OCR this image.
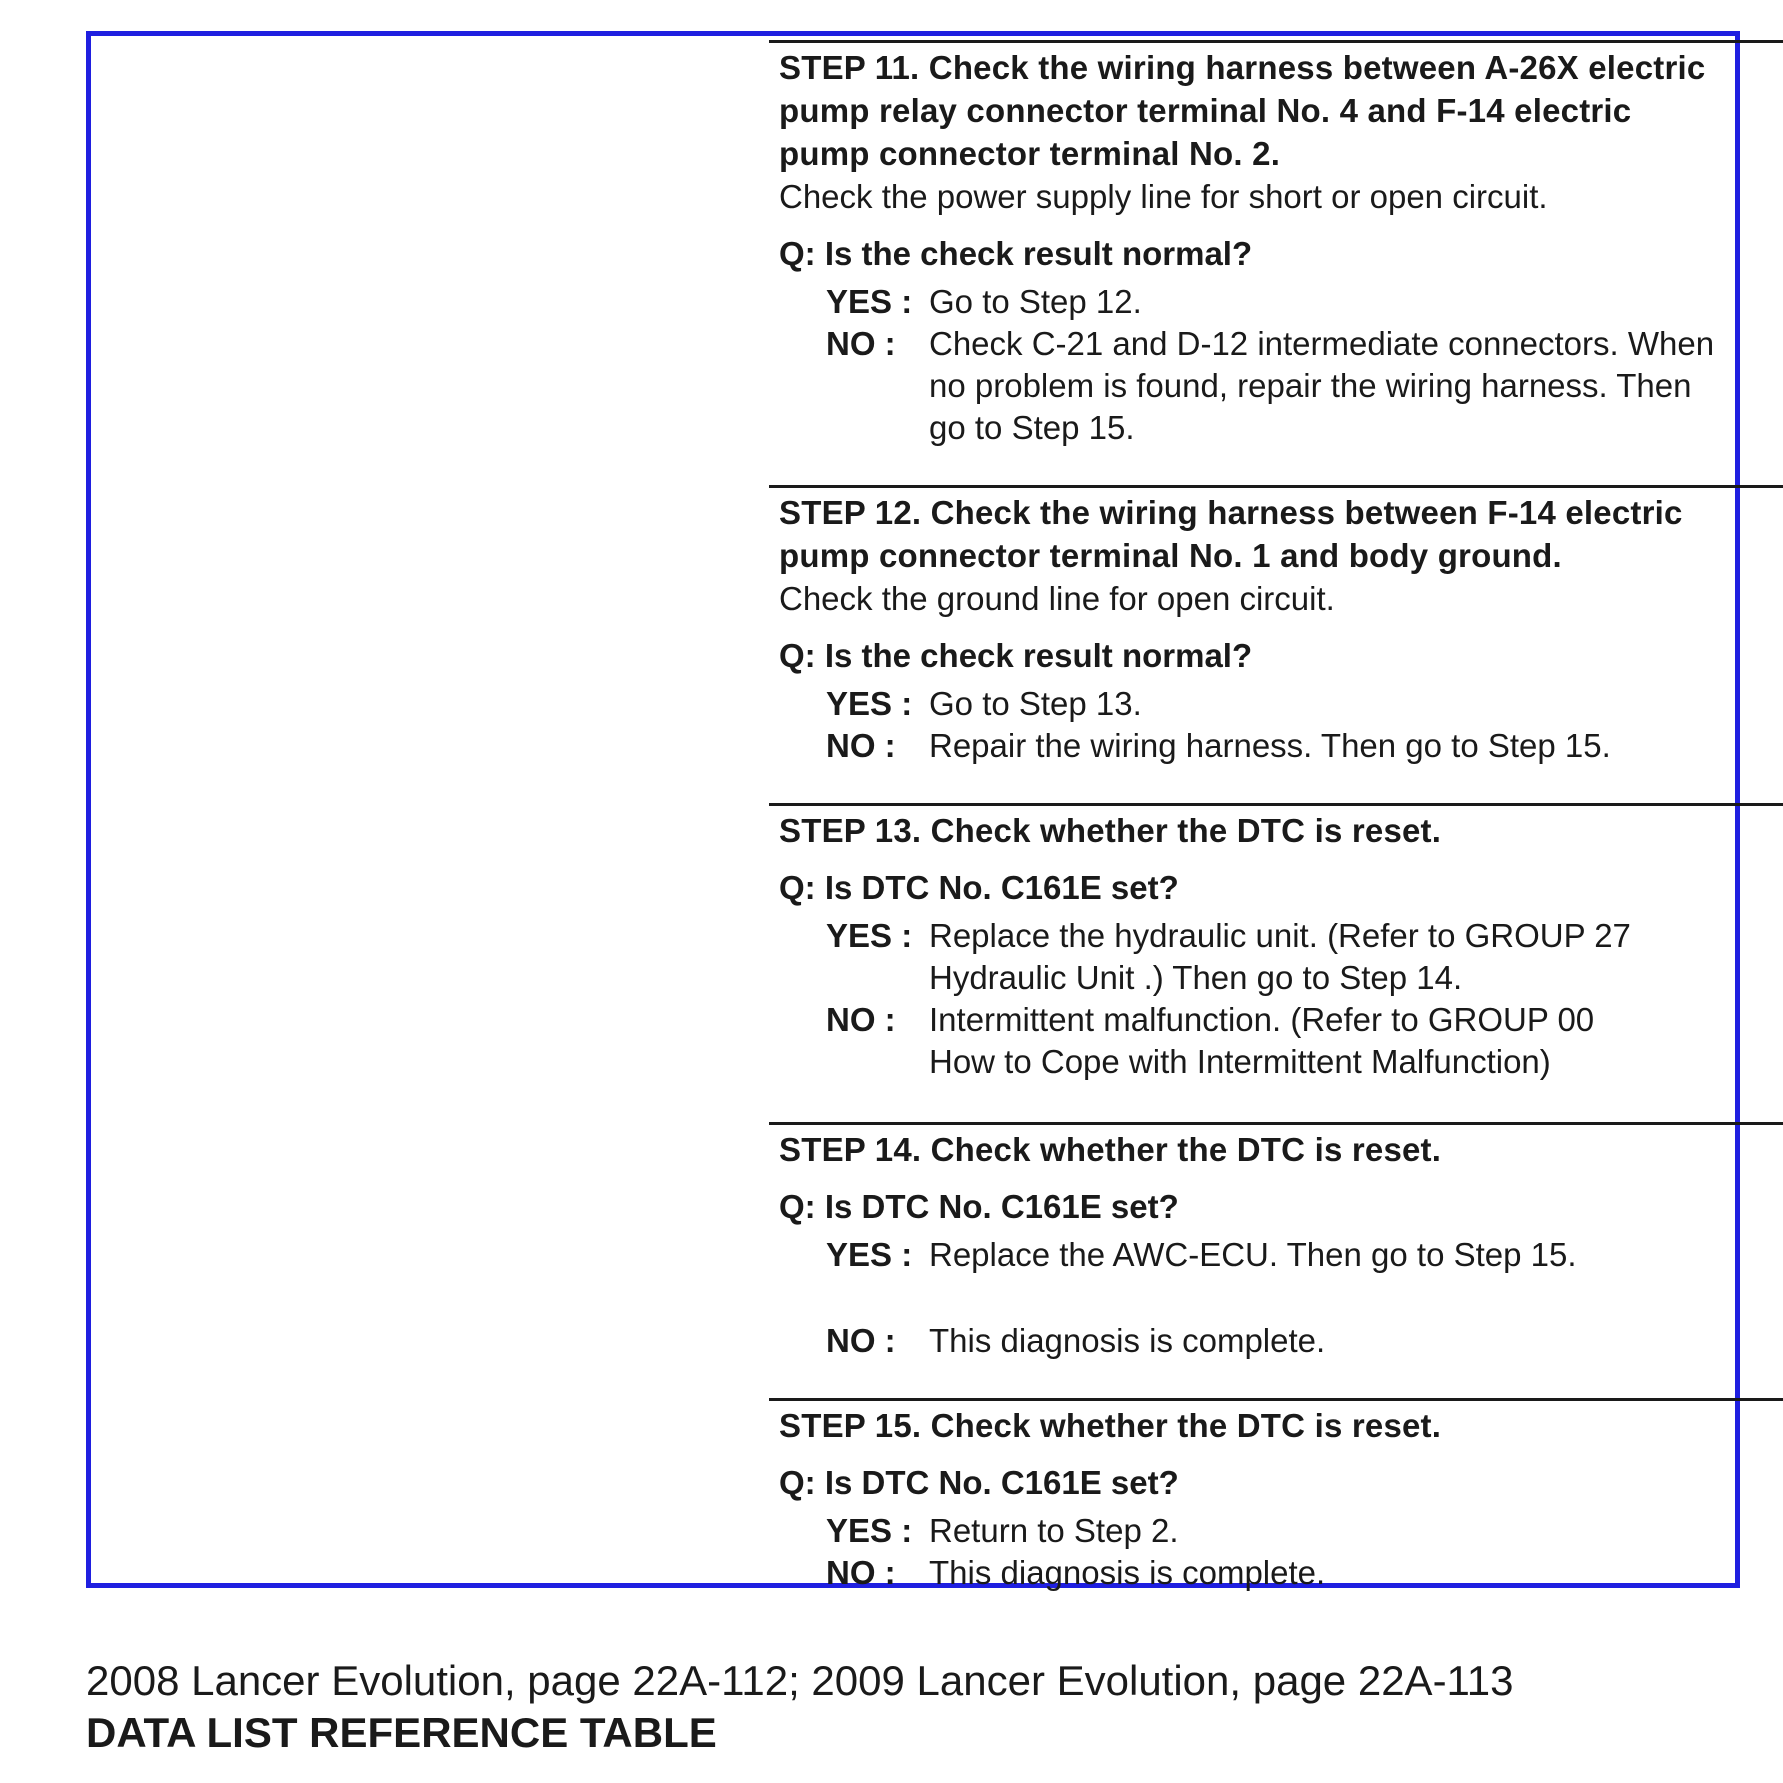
STEP 11. Check the wiring harness between A-26X electric
pump relay connector terminal No. 4 and F-14 electric
pump connector terminal No. 2.
Check the power supply line for short or open circuit.
Q: Is the check result normal?
YES : Go to Step 12.
NO : Check C-21 and D-12 intermediate connectors. When
no problem is found, repair the wiring harness. Then
go to Step 15.
STEP 12. Check the wiring harness between F-14 electric
pump connector terminal No. 1 and body ground.
Check the ground line for open circuit.
Q: Is the check result normal?
YES : Go to Step 13.
NO : Repair the wiring harness. Then go to Step 15.
STEP 13. Check whether the DTC is reset.
Q: Is DTC No. C161E set?
YES : Replace the hydraulic unit. (Refer to GROUP 27
Hydraulic Unit .) Then go to Step 14.
NO : Intermittent malfunction. (Refer to GROUP 00
How to Cope with Intermittent Malfunction)
STEP 14. Check whether the DTC is reset.
Q: Is DTC No. C161E set?
YES : Replace the AWC-ECU. Then go to Step 15.
NO : This diagnosis is complete.
STEP 15. Check whether the DTC is reset.
Q: Is DTC No. C161E set?
YES : Return to Step 2.
NO : This diagnosis is complete.
2008 Lancer Evolution, page 22A-112; 2009 Lancer Evolution, page 22A-113
DATA LIST REFERENCE TABLE
